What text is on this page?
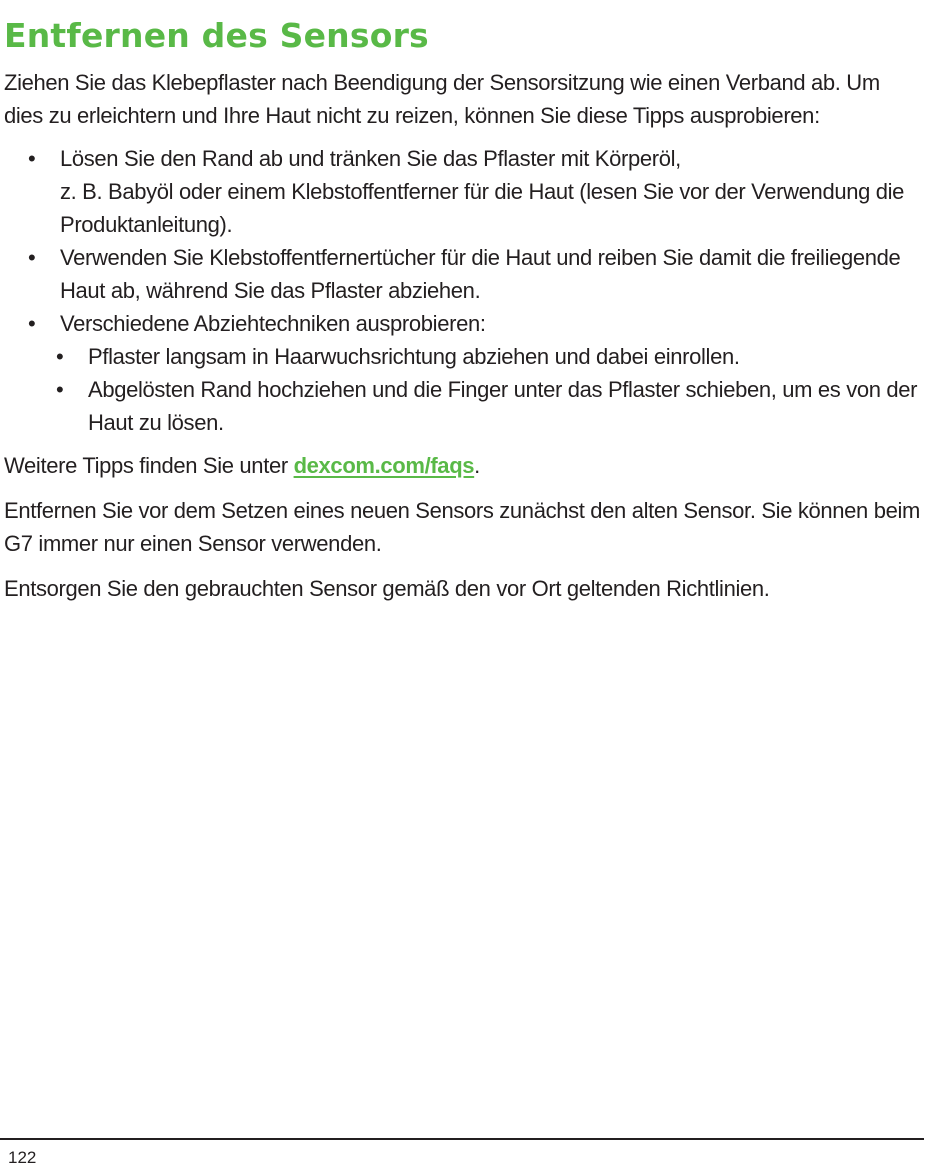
Entfernen des Sensors

Ziehen Sie das Klebepflaster nach Beendigung der Sensorsitzung wie einen Verband ab. Um dies zu erleichtern und Ihre Haut nicht zu reizen, können Sie diese Tipps ausprobieren:

• Lösen Sie den Rand ab und tränken Sie das Pflaster mit Körperöl,
z. B. Babyöl oder einem Klebstoffentferner für die Haut (lesen Sie vor der Verwendung die Produktanleitung).
• Verwenden Sie Klebstoffentfernertücher für die Haut und reiben Sie damit die freiliegende Haut ab, während Sie das Pflaster abziehen.
• Verschiedene Abziehtechniken ausprobieren:
• Pflaster langsam in Haarwuchsrichtung abziehen und dabei einrollen.
• Abgelösten Rand hochziehen und die Finger unter das Pflaster schieben, um es von der Haut zu lösen.

Weitere Tipps finden Sie unter dexcom.com/faqs.

Entfernen Sie vor dem Setzen eines neuen Sensors zunächst den alten Sensor. Sie können beim G7 immer nur einen Sensor verwenden.

Entsorgen Sie den gebrauchten Sensor gemäß den vor Ort geltenden Richtlinien.

122
